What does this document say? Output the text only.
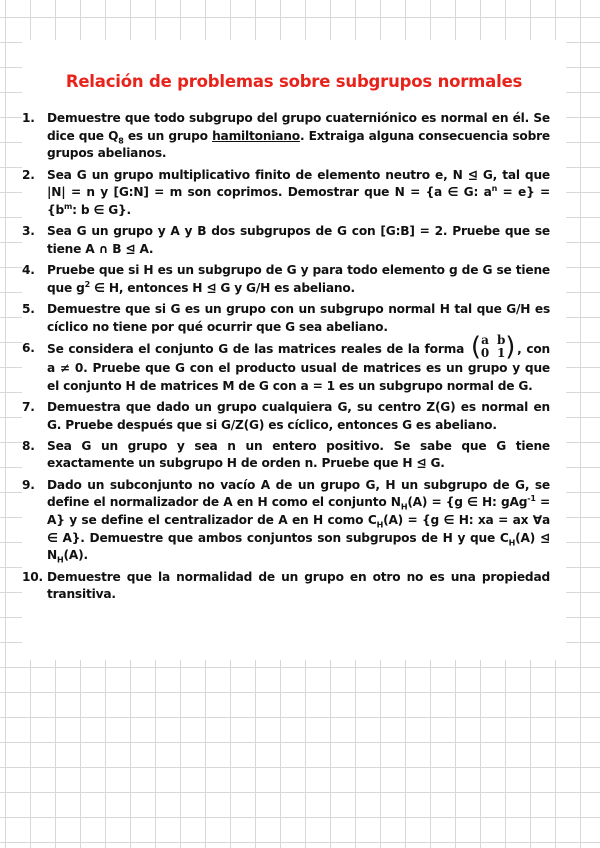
Relación de problemas sobre subgrupos normales
1. Demuestre que todo subgrupo del grupo cuaterniónico es normal en él. Se dice que $Q_8$ es un grupo hamiltoniano. Extraiga alguna consecuencia sobre grupos abelianos.
2. Sea G un grupo multiplicativo finito de elemento neutro e, N ⊴ G, tal que |N| = n y [G:N] = m son coprimos. Demostrar que N = {a ∈ G: $a^n = e\} = \{b^m$: b ∈ G}.
3. Sea G un grupo y A y B dos subgrupos de G con [G:B] = 2. Pruebe que se tiene A ∩ B ⊴ A.
4. Pruebe que si H es un subgrupo de G y para todo elemento g de G se tiene que $g^2$ ∈ H, entonces H ⊴ G y G/H es abeliano.
5. Demuestre que si G es un grupo con un subgrupo normal H tal que G/H es cíclico no tiene por qué ocurrir que G sea abeliano.
6. Se considera el conjunto G de las matrices reales de la forma ( a
0

b
1 ) , con a ≠ 0. Pruebe que G con el producto usual de matrices es un grupo y que el conjunto H de matrices M de G con a = 1 es un subgrupo normal de G.
7. Demuestra que dado un grupo cualquiera G, su centro Z(G) es normal en G. Pruebe después que si G/Z(G) es cíclico, entonces G es abeliano.
8. Sea G un grupo y sea n un entero positivo. Se sabe que G tiene exactamente un subgrupo H de orden n. Pruebe que H ⊴ G.
9. Dado un subconjunto no vacío A de un grupo G, H un subgrupo de G, se define el normalizador de A en H como el conjunto $N_H(A) = \{g$ ∈ H: gAg$^{-1}$ = A} y se define el centralizador de A en H como $C_H(A) = \{g$ ∈ H: xa = ax ∀a ∈ A}. Demuestre que ambos conjuntos son subgrupos de H y que $C_H(A)$ ⊴ $N_H(A)$.
10. Demuestre que la normalidad de un grupo en otro no es una propiedad transitiva.
